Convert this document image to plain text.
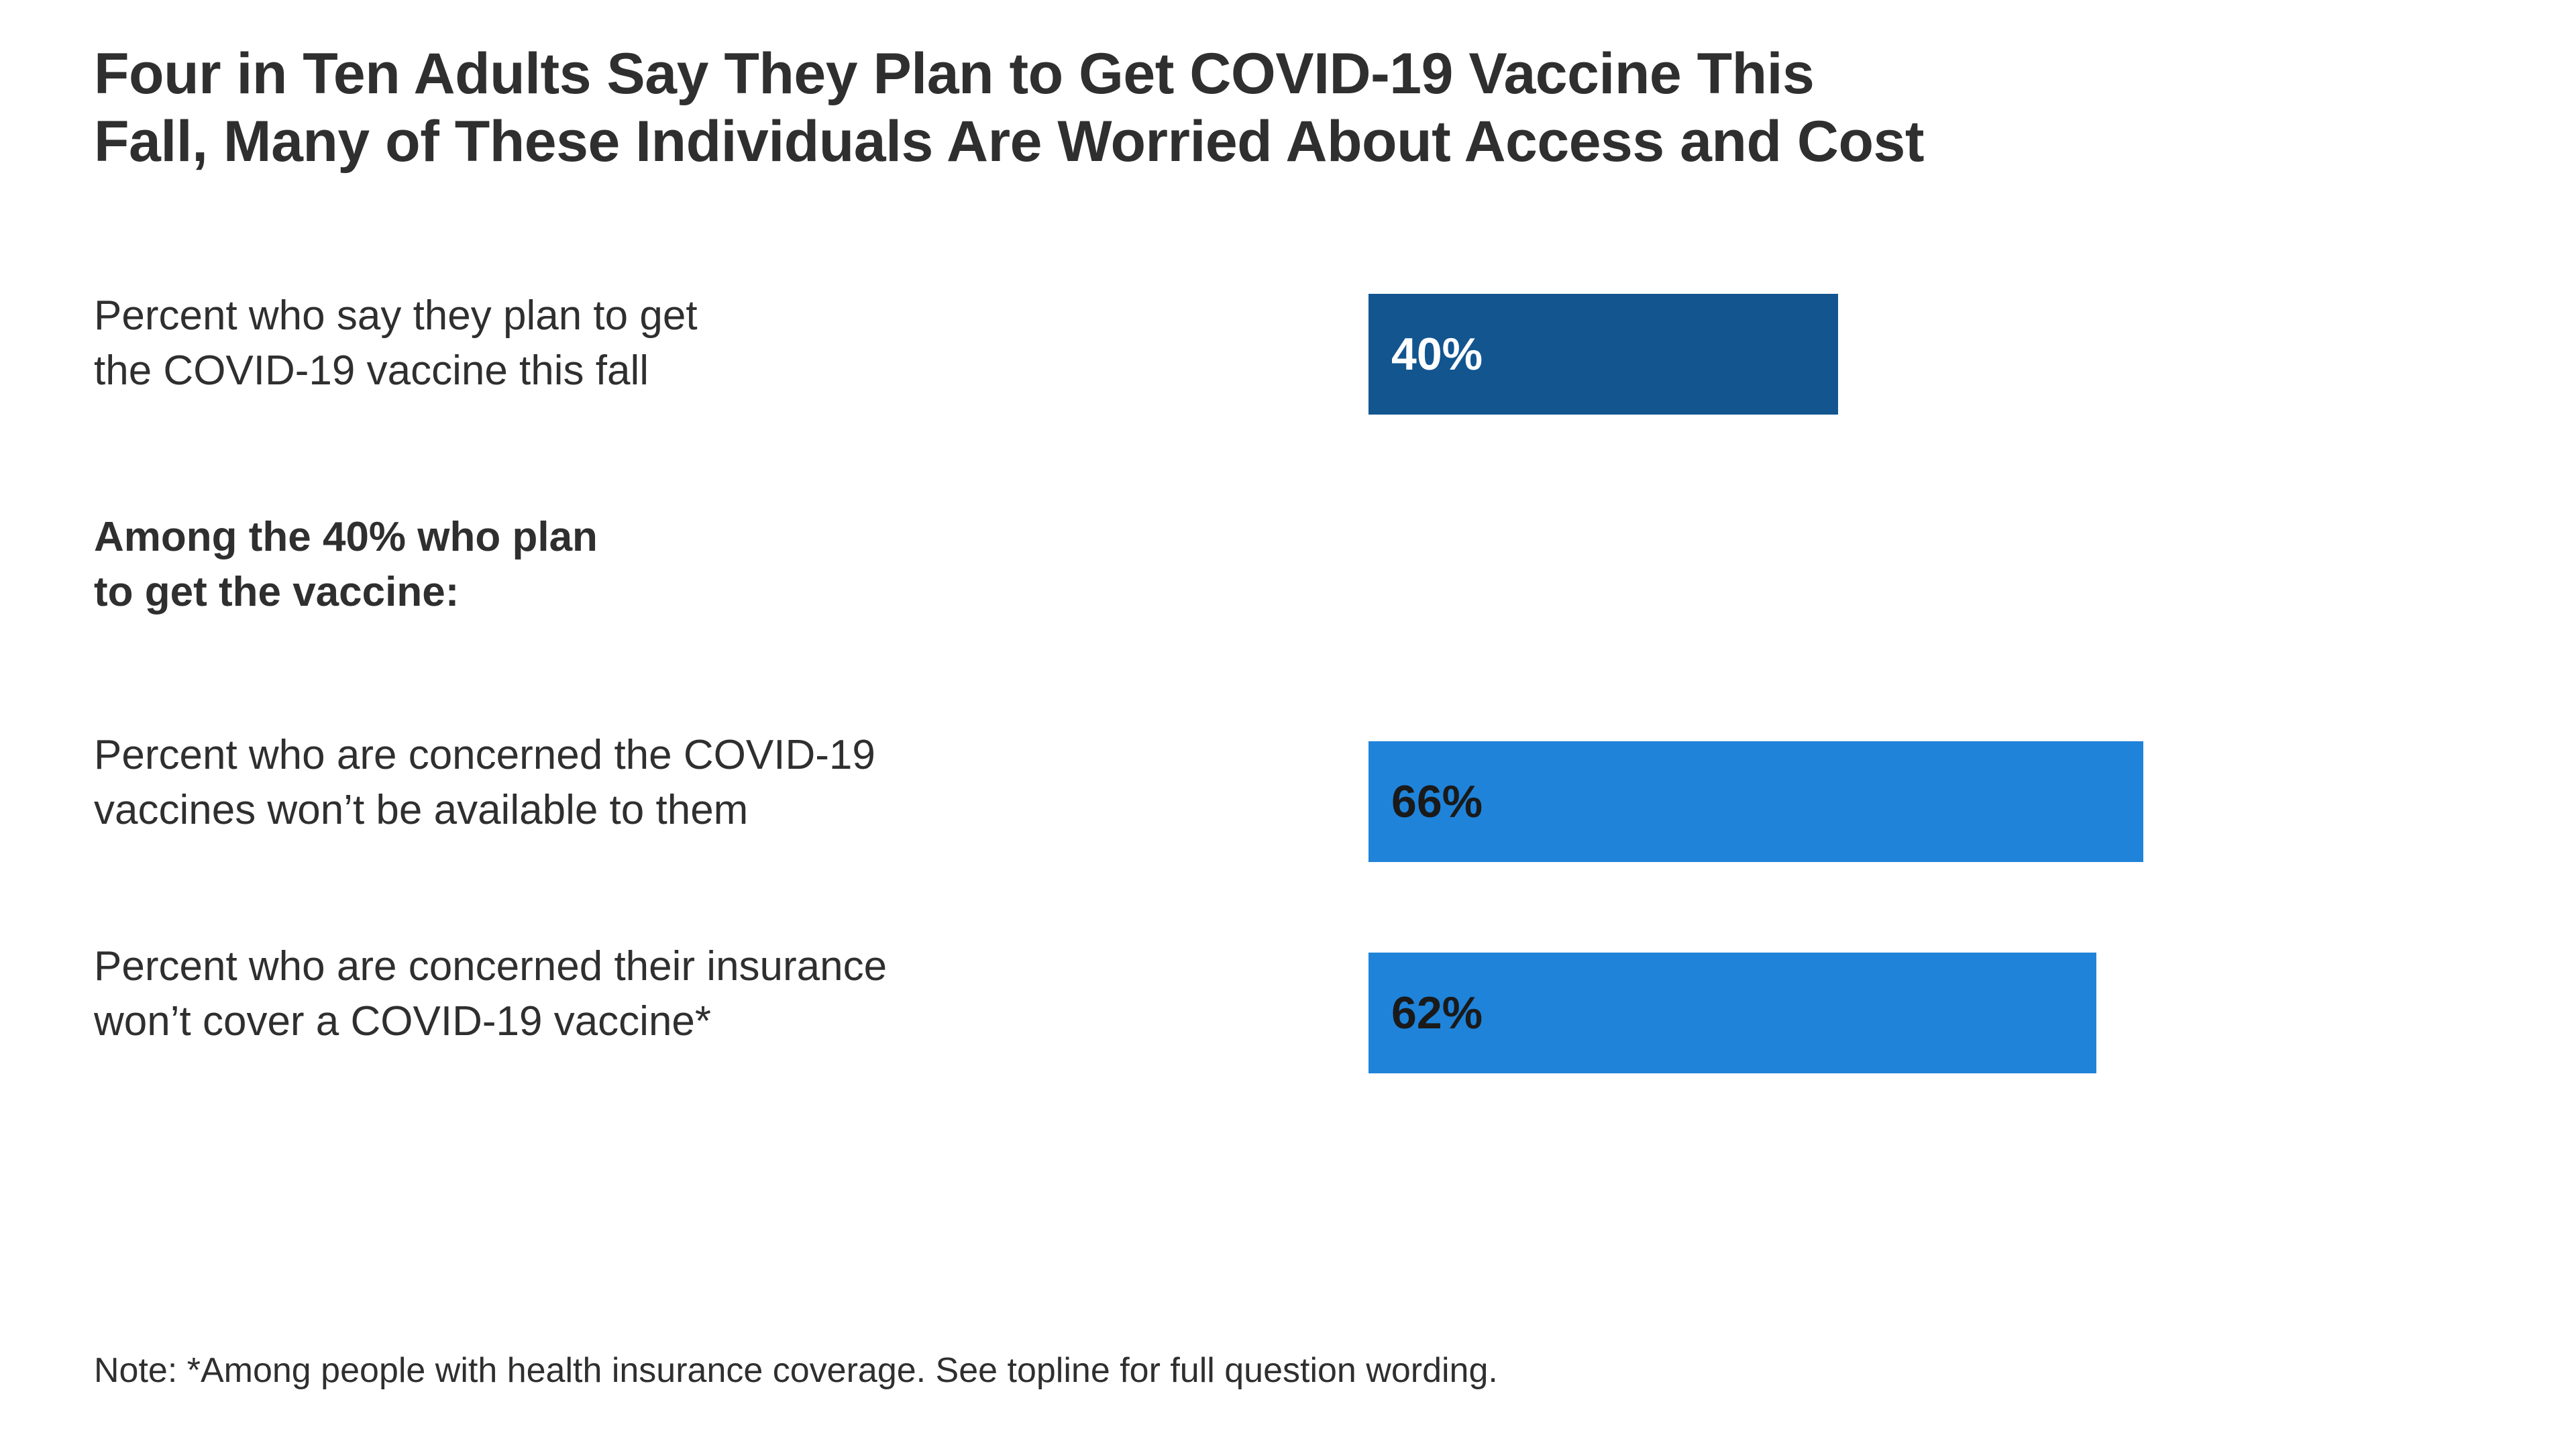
Four in Ten Adults Say They Plan to Get COVID-19 Vaccine This
Fall, Many of These Individuals Are Worried About Access and Cost
Percent who say they plan to get
the COVID-19 vaccine this fall	40%
Among the 40% who plan
to get the vaccine:
Percent who are concerned the COVID-19
vaccines won’t be available to them	66%
Percent who are concerned their insurance
won’t cover a COVID-19 vaccine*	62%
Note: *Among people with health insurance coverage. See topline for full question wording.
